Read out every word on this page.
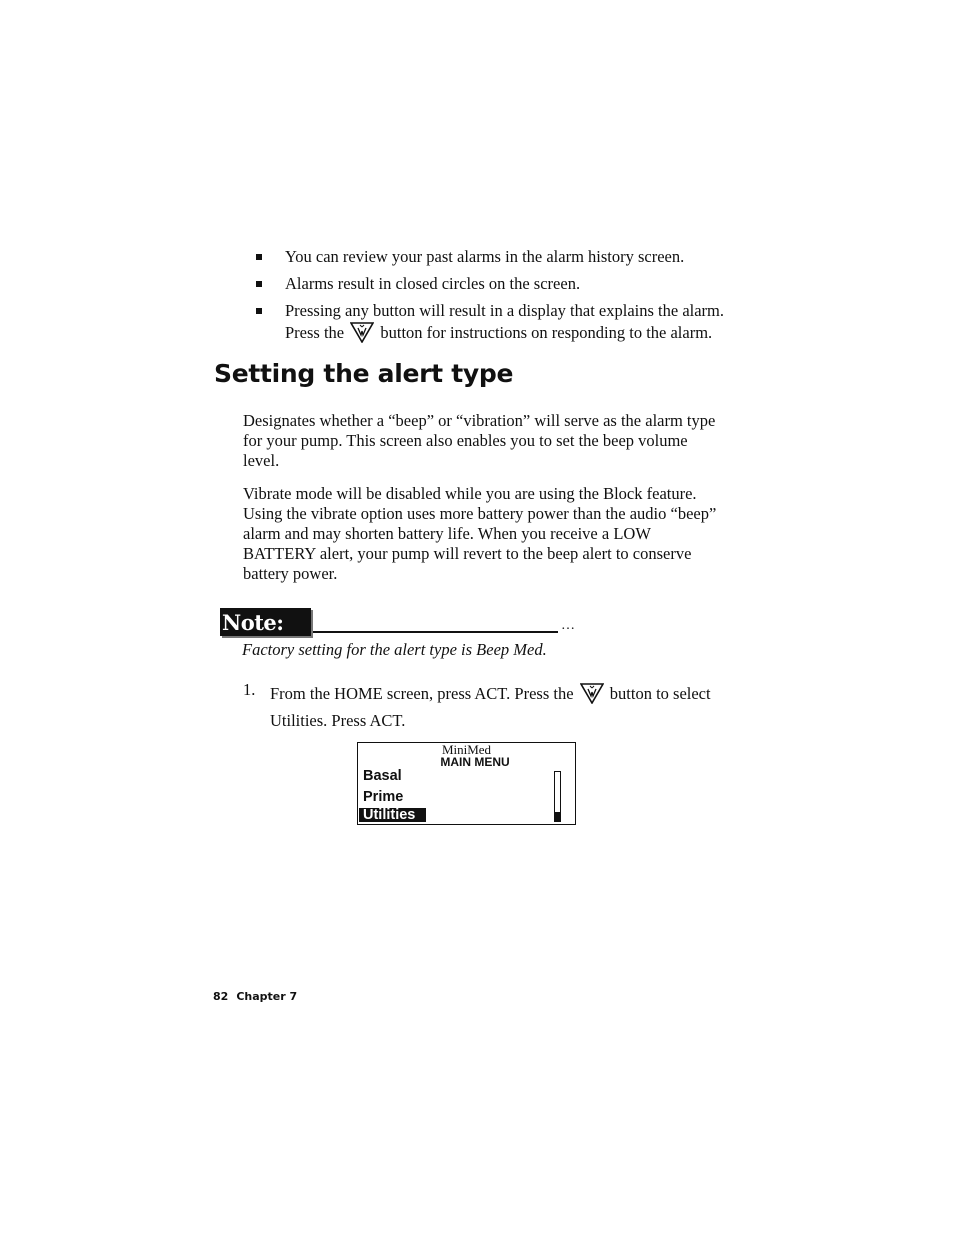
You can review your past alarms in the alarm history screen.
Alarms result in closed circles on the screen.
Pressing any button will result in a display that explains the alarm. Press the
button for instructions on responding to the alarm.
Setting the alert type

Designates whether a “beep” or “vibration” will serve as the alarm type for your pump. This screen also enables you to set the beep volume level.

Vibrate mode will be disabled while you are using the Block feature. Using the vibrate option uses more battery power than the audio “beep” alarm and may shorten battery life. When you receive a LOW BATTERY alert, your pump will revert to the beep alert to conserve battery power.

Note:	…

Factory setting for the alert type is Beep Med.

1. From the HOME screen, press ACT. Press the
button to select Utilities. Press ACT.
MiniMed
MAIN MENU
Basal
Prime
Utilities
82 Chapter 7
